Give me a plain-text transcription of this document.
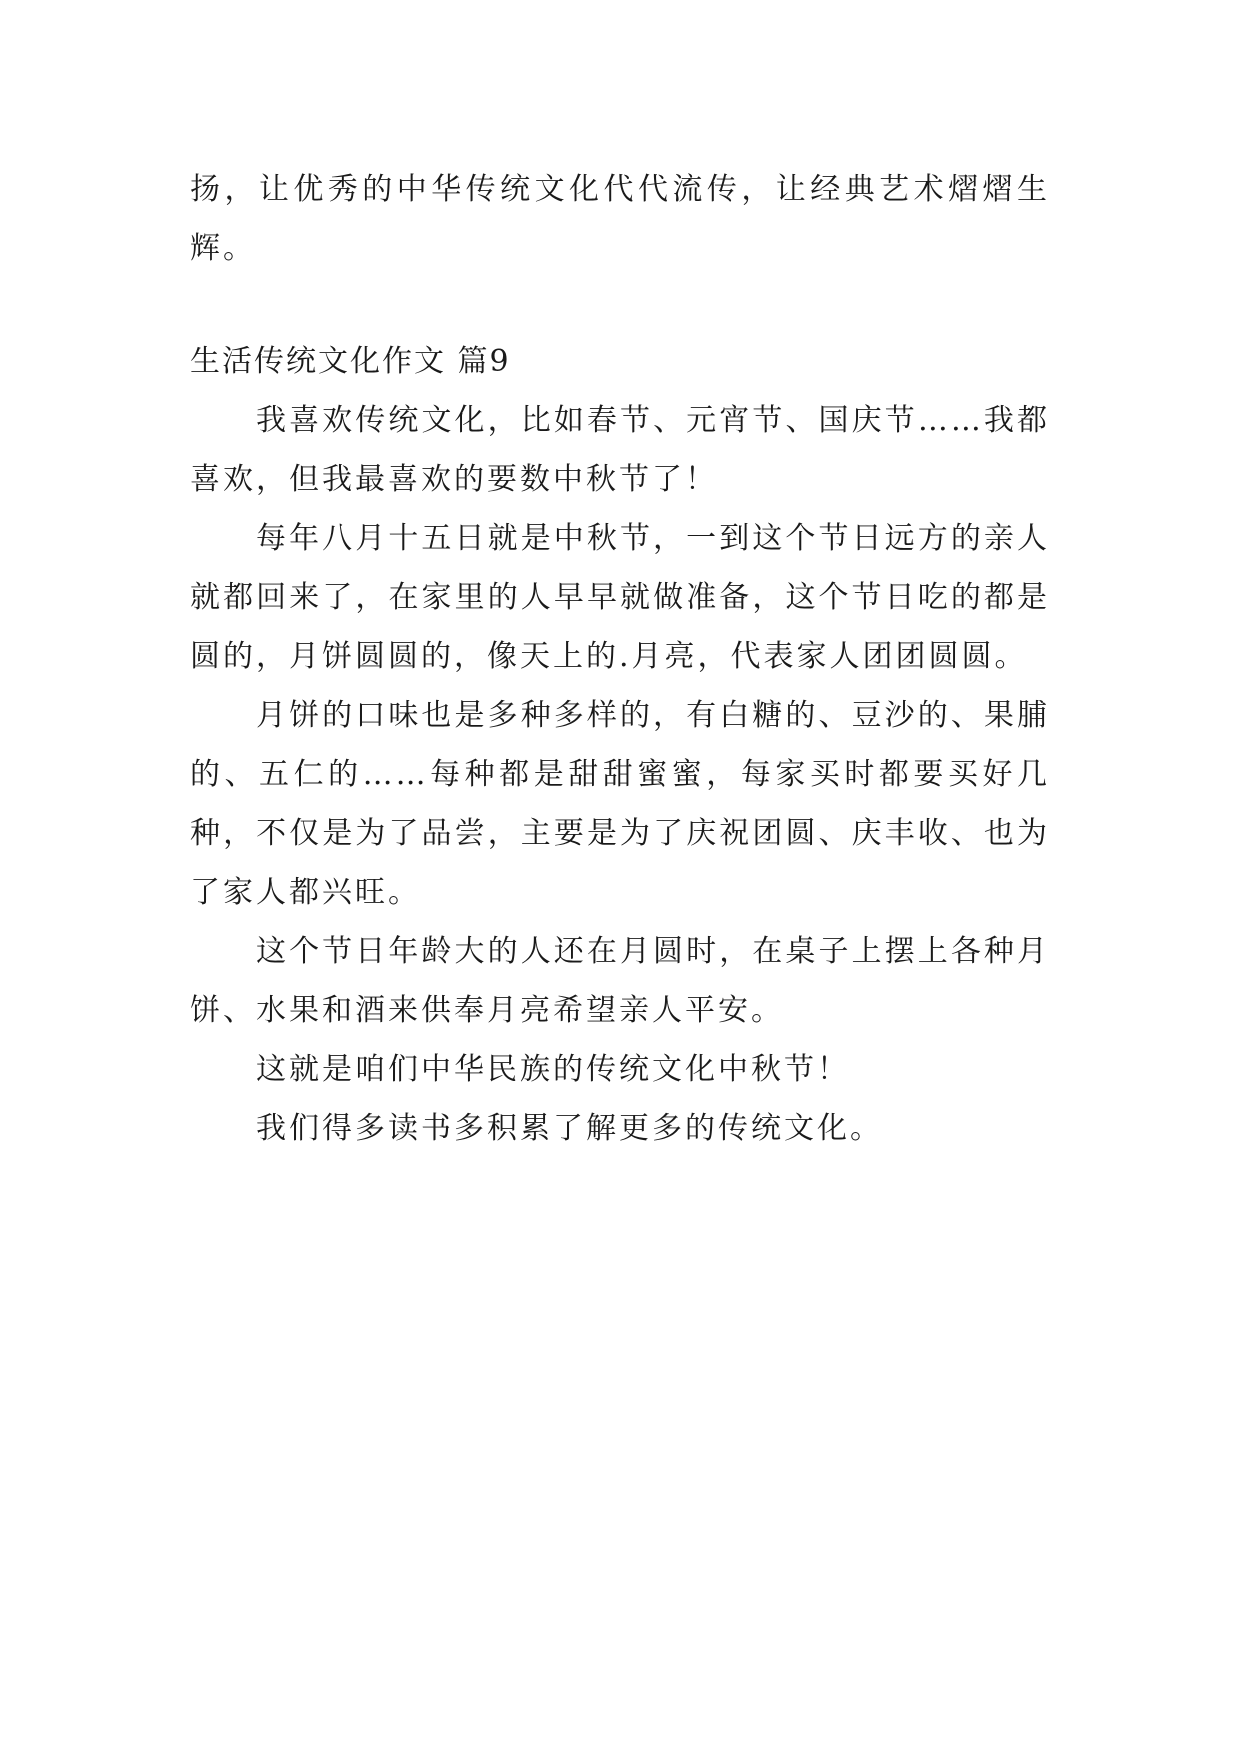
扬，让优秀的中华传统文化代代流传，让经典艺术熠熠生辉。

生活传统文化作文 篇9

我喜欢传统文化，比如春节、元宵节、国庆节……我都喜欢，但我最喜欢的要数中秋节了！

每年八月十五日就是中秋节，一到这个节日远方的亲人就都回来了，在家里的人早早就做准备，这个节日吃的都是圆的，月饼圆圆的，像天上的.月亮，代表家人团团圆圆。

月饼的口味也是多种多样的，有白糖的、豆沙的、果脯的、五仁的……每种都是甜甜蜜蜜，每家买时都要买好几种，不仅是为了品尝，主要是为了庆祝团圆、庆丰收、也为了家人都兴旺。

这个节日年龄大的人还在月圆时，在桌子上摆上各种月饼、水果和酒来供奉月亮希望亲人平安。

这就是咱们中华民族的传统文化中秋节！

我们得多读书多积累了解更多的传统文化。
